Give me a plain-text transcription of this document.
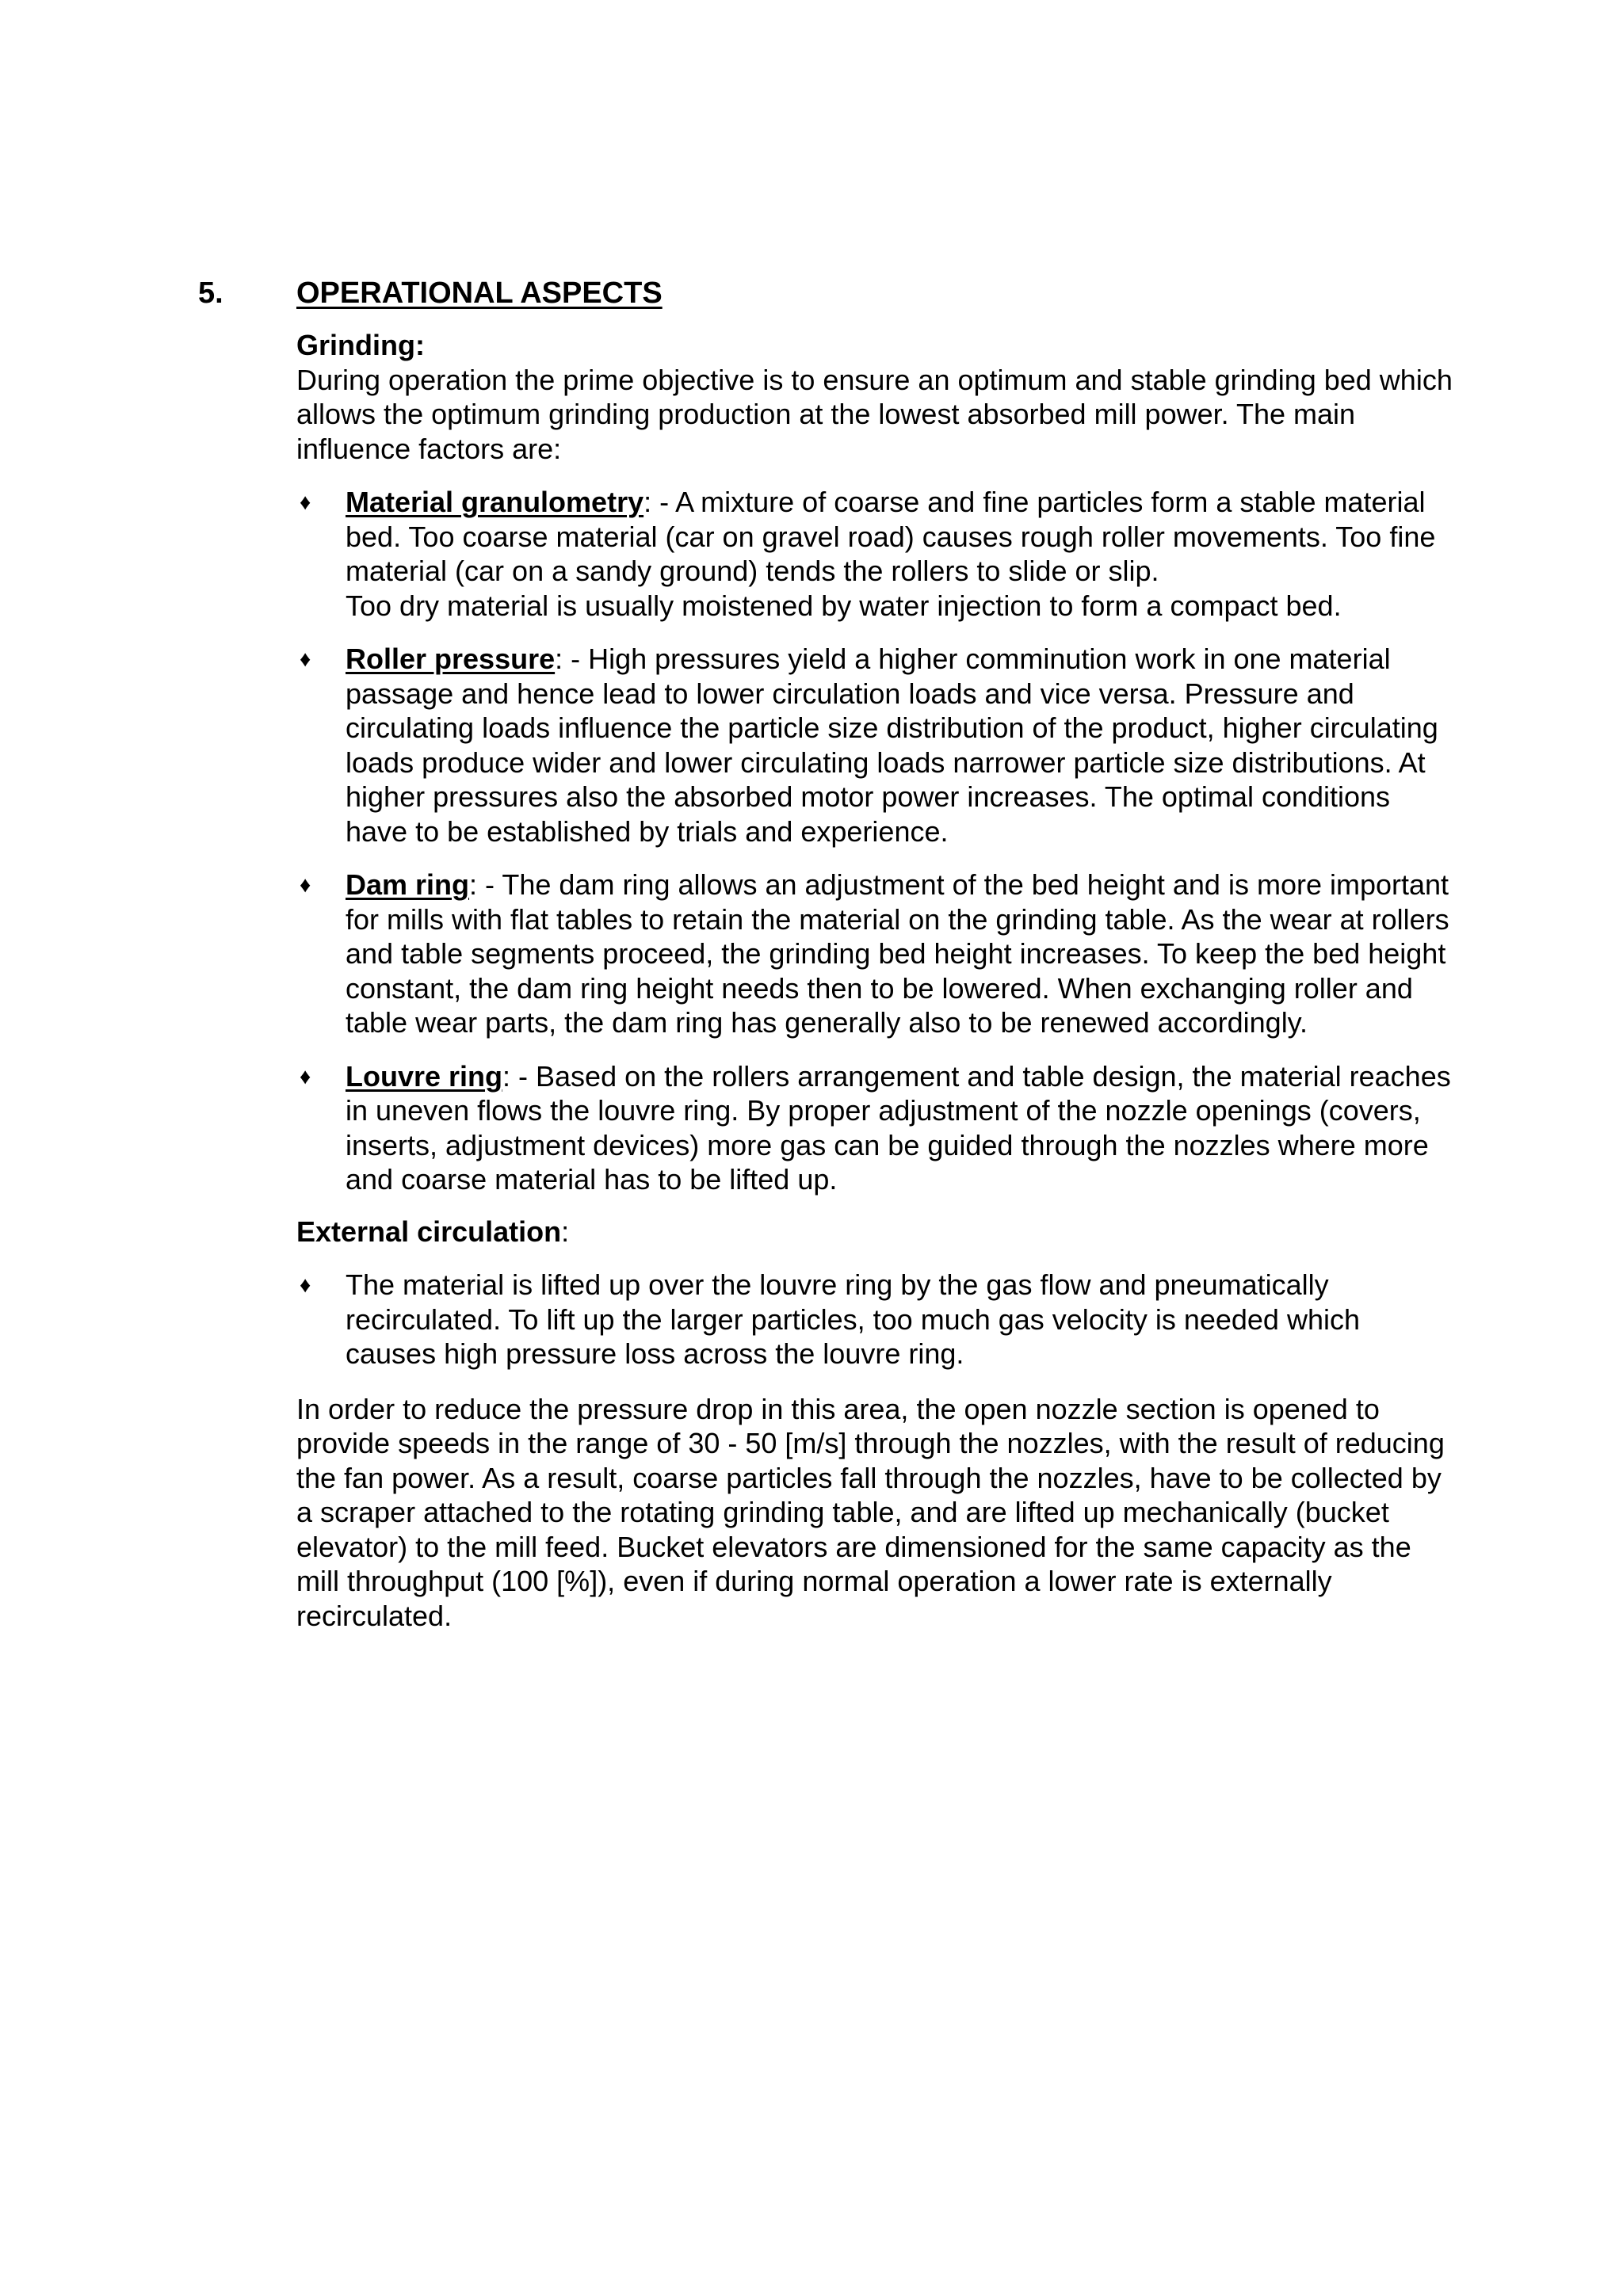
5. OPERATIONAL ASPECTS
Grinding:

During operation the prime objective is to ensure an optimum and stable grinding bed which allows the optimum grinding production at the lowest absorbed mill power. The main influence factors are:

♦ Material granulometry: - A mixture of coarse and fine particles form a stable material bed. Too coarse material (car on gravel road) causes rough roller movements. Too fine material (car on a sandy ground) tends the rollers to slide or slip.
Too dry material is usually moistened by water injection to form a compact bed.
♦ Roller pressure: - High pressures yield a higher comminution work in one material passage and hence lead to lower circulation loads and vice versa. Pressure and circulating loads influence the particle size distribution of the product, higher circulating loads produce wider and lower circulating loads narrower particle size distributions. At higher pressures also the absorbed motor power increases. The optimal conditions have to be established by trials and experience.
♦ Dam ring: - The dam ring allows an adjustment of the bed height and is more important for mills with flat tables to retain the material on the grinding table. As the wear at rollers and table segments proceed, the grinding bed height increases. To keep the bed height constant, the dam ring height needs then to be lowered. When exchanging roller and table wear parts, the dam ring has generally also to be renewed accordingly.
♦ Louvre ring: - Based on the rollers arrangement and table design, the material reaches in uneven flows the louvre ring. By proper adjustment of the nozzle openings (covers, inserts, adjustment devices) more gas can be guided through the nozzles where more and coarse material has to be lifted up.
External circulation:
♦ The material is lifted up over the louvre ring by the gas flow and pneumatically recirculated. To lift up the larger particles, too much gas velocity is needed which causes high pressure loss across the louvre ring.

In order to reduce the pressure drop in this area, the open nozzle section is opened to provide speeds in the range of 30 - 50 [m/s] through the nozzles, with the result of reducing the fan power. As a result, coarse particles fall through the nozzles, have to be collected by a scraper attached to the rotating grinding table, and are lifted up mechanically (bucket elevator) to the mill feed. Bucket elevators are dimensioned for the same capacity as the mill throughput (100 [%]), even if during normal operation a lower rate is externally recirculated.
